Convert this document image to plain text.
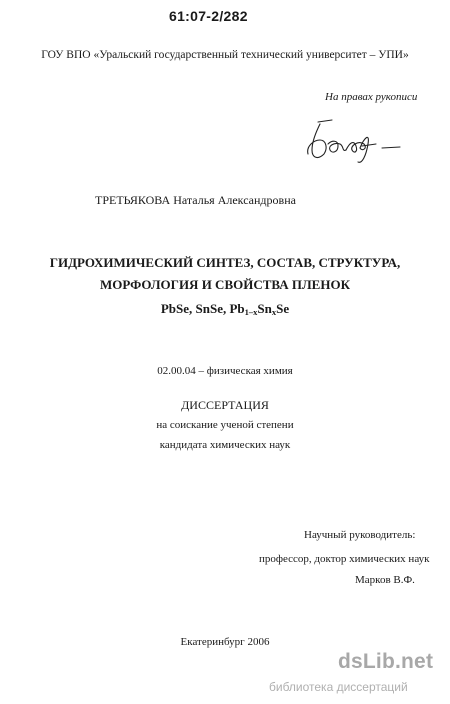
61:07-2/282
ГОУ ВПО «Уральский государственный технический университет – УПИ»
На правах рукописи
ТРЕТЬЯКОВА Наталья Александровна
ГИДРОХИМИЧЕСКИЙ СИНТЕЗ, СОСТАВ, СТРУКТУРА,
МОРФОЛОГИЯ И СВОЙСТВА ПЛЕНОК
PbSe, SnSe, $Pb_{1-x}Sn_xSe$
02.00.04 – физическая химия
ДИССЕРТАЦИЯ
на соискание ученой степени
кандидата химических наук
Научный руководитель:
профессор, доктор химических наук
Марков В.Ф.
Екатеринбург 2006
dsLib.net
библиотека диссертаций
